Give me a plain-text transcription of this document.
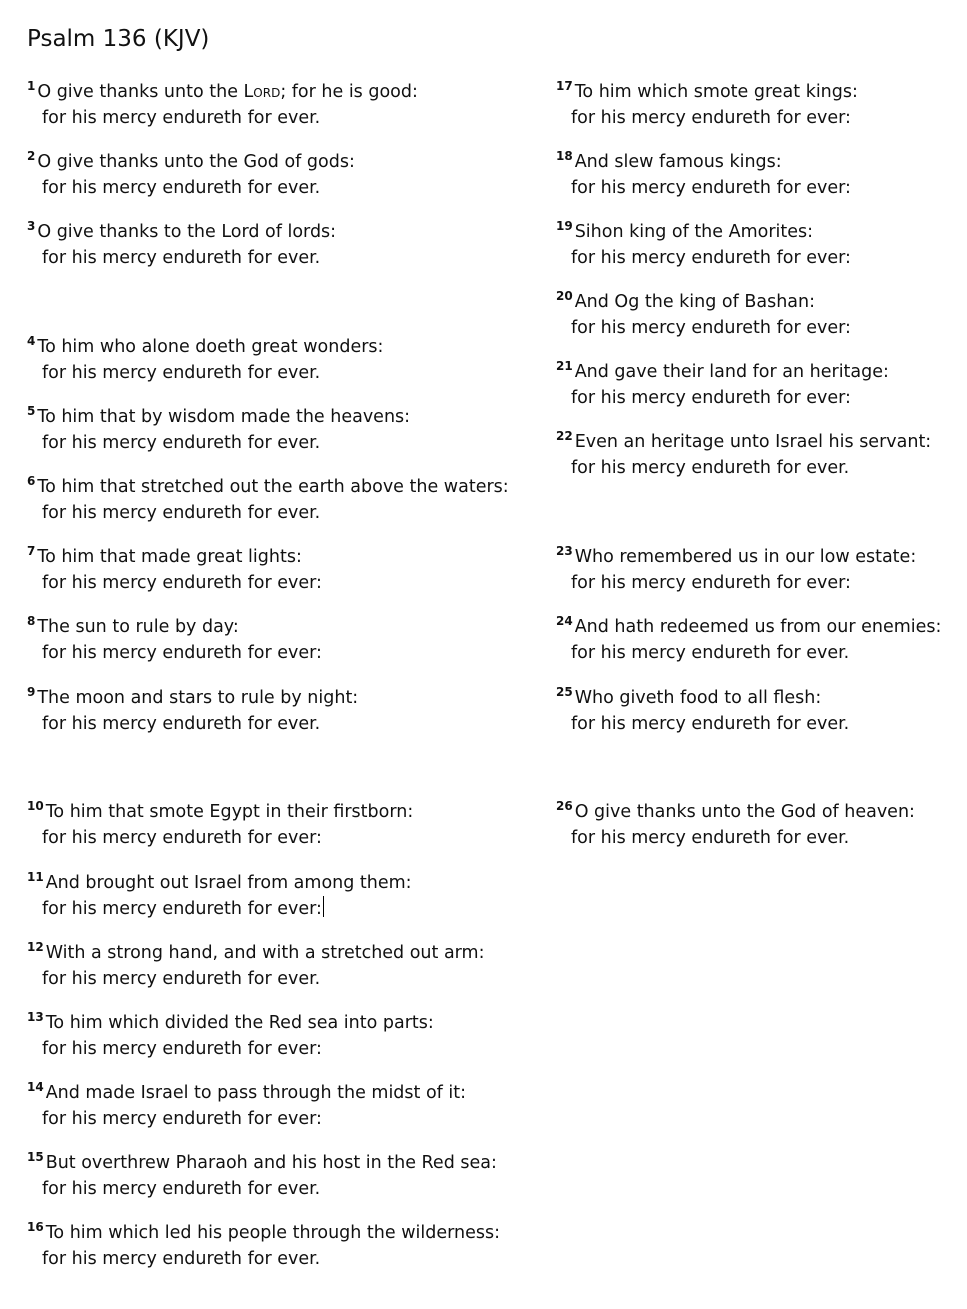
Psalm 136 (KJV)
$^1$ O give thanks unto the Lord; for he is good:
for his mercy endureth for ever.
$^2$ O give thanks unto the God of gods:
for his mercy endureth for ever.
$^3$ O give thanks to the Lord of lords:
for his mercy endureth for ever.
$^4$ To him who alone doeth great wonders:
for his mercy endureth for ever.
$^5$ To him that by wisdom made the heavens:
for his mercy endureth for ever.
$^6$ To him that stretched out the earth above the waters:
for his mercy endureth for ever.
$^7$ To him that made great lights:
for his mercy endureth for ever:
$^8$ The sun to rule by day:
for his mercy endureth for ever:
$^9$ The moon and stars to rule by night:
for his mercy endureth for ever.
$^{10}$ To him that smote Egypt in their firstborn:
for his mercy endureth for ever:
$^{11}$ And brought out Israel from among them:
for his mercy endureth for ever:
$^{12}$ With a strong hand, and with a stretched out arm:
for his mercy endureth for ever.
$^{13}$ To him which divided the Red sea into parts:
for his mercy endureth for ever:
$^{14}$ And made Israel to pass through the midst of it:
for his mercy endureth for ever:
$^{15}$ But overthrew Pharaoh and his host in the Red sea:
for his mercy endureth for ever.
$^{16}$ To him which led his people through the wilderness:
for his mercy endureth for ever.
$^{17}$ To him which smote great kings:
for his mercy endureth for ever:
$^{18}$ And slew famous kings:
for his mercy endureth for ever:
$^{19}$ Sihon king of the Amorites:
for his mercy endureth for ever:
$^{20}$ And Og the king of Bashan:
for his mercy endureth for ever:
$^{21}$ And gave their land for an heritage:
for his mercy endureth for ever:
$^{22}$ Even an heritage unto Israel his servant:
for his mercy endureth for ever.
$^{23}$ Who remembered us in our low estate:
for his mercy endureth for ever:
$^{24}$ And hath redeemed us from our enemies:
for his mercy endureth for ever.
$^{25}$ Who giveth food to all flesh:
for his mercy endureth for ever.
$^{26}$ O give thanks unto the God of heaven:
for his mercy endureth for ever.
